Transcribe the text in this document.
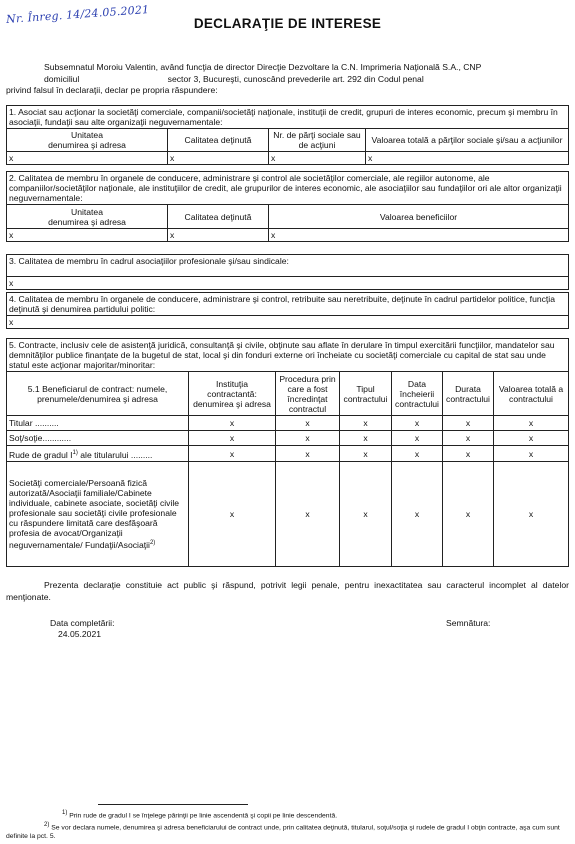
Nr. Înreg. 14/24.05.2021	DECLARAŢIE DE INTERESE

Subsemnatul Moroiu Valentin, având funcţia de director Direcţie Dezvoltare la C.N. Imprimeria Naţională S.A., CNP

domiciliul                                     sector 3, Bucureşti, cunoscând prevederile art. 292 din Codul penal

privind falsul în declaraţii, declar pe propria răspundere:

1. Asociat sau acţionar la societăţi comerciale, companii/societăţi naţionale, instituţii de credit, grupuri de interes economic, precum şi membru în asociaţii, fundaţii sau alte organizaţii neguvernamentale:			
Unitatea
denumirea şi adresa	Calitatea deţinută	Nr. de părţi sociale sau de acţiuni	Valoarea totală a părţilor sociale şi/sau a acţiunilor
x	x	x	x
2. Calitatea de membru în organele de conducere, administrare şi control ale societăţilor comerciale, ale regiilor autonome, ale companiilor/societăţilor naţionale, ale instituţiilor de credit, ale grupurilor de interes economic, ale asociaţiilor sau fundaţiilor ori ale altor organizaţii neguvernamentale:		
Unitatea
denumirea şi adresa	Calitatea deţinută	Valoarea beneficiilor
x	x	x
3. Calitatea de membru în cadrul asociaţiilor profesionale şi/sau sindicale:
x
4. Calitatea de membru în organele de conducere, administrare şi control, retribuite sau neretribuite, deţinute în cadrul partidelor politice, funcţia deţinută şi denumirea partidului politic:
x
5. Contracte, inclusiv cele de asistenţă juridică, consultanţă şi civile, obţinute sau aflate în derulare în timpul exercitării funcţiilor, mandatelor sau demnităţilor publice finanţate de la bugetul de stat, local şi din fonduri externe ori încheiate cu societăţi comerciale cu capital de stat sau unde statul este acţionar majoritar/minoritar:						
5.1 Beneficiarul de contract: numele, prenumele/denumirea şi adresa	Instituţia contractantă: denumirea şi adresa	Procedura prin care a fost încredinţat contractul	Tipul contractului	Data încheierii contractului	Durata contractului	Valoarea totală a contractului
Titular ..........	x	x	x	x	x	x
Soţ/soţie............	x	x	x	x	x	x
Rude de gradul $I^{1)}$ ale titularului .........	x	x	x	x	x	x
Societăţi comerciale/Persoană fizică autorizată/Asociaţii familiale/Cabinete individuale, cabinete asociate, societăţi civile profesionale sau societăţi civile profesionale cu răspundere limitată care desfăşoară profesia de avocat/Organizaţii neguvernamentale/ Fundaţii/Asociaţii$^{2)}$	x	x	x	x	x	x
Prezenta declaraţie constituie act public şi răspund, potrivit legii penale, pentru inexactitatea sau caracterul incomplet al datelor menţionate.
Data completării:
24.05.2021
Semnătura:
$^{1)}$ Prin rude de gradul I se înţelege părinţii pe linie ascendentă şi copii pe linie descendentă.
$^{2)}$ Se vor declara numele, denumirea şi adresa beneficiarului de contract unde, prin calitatea deţinută, titularul, soţul/soţia şi rudele de gradul I obţin contracte, aşa cum sunt definite la pct. 5.
